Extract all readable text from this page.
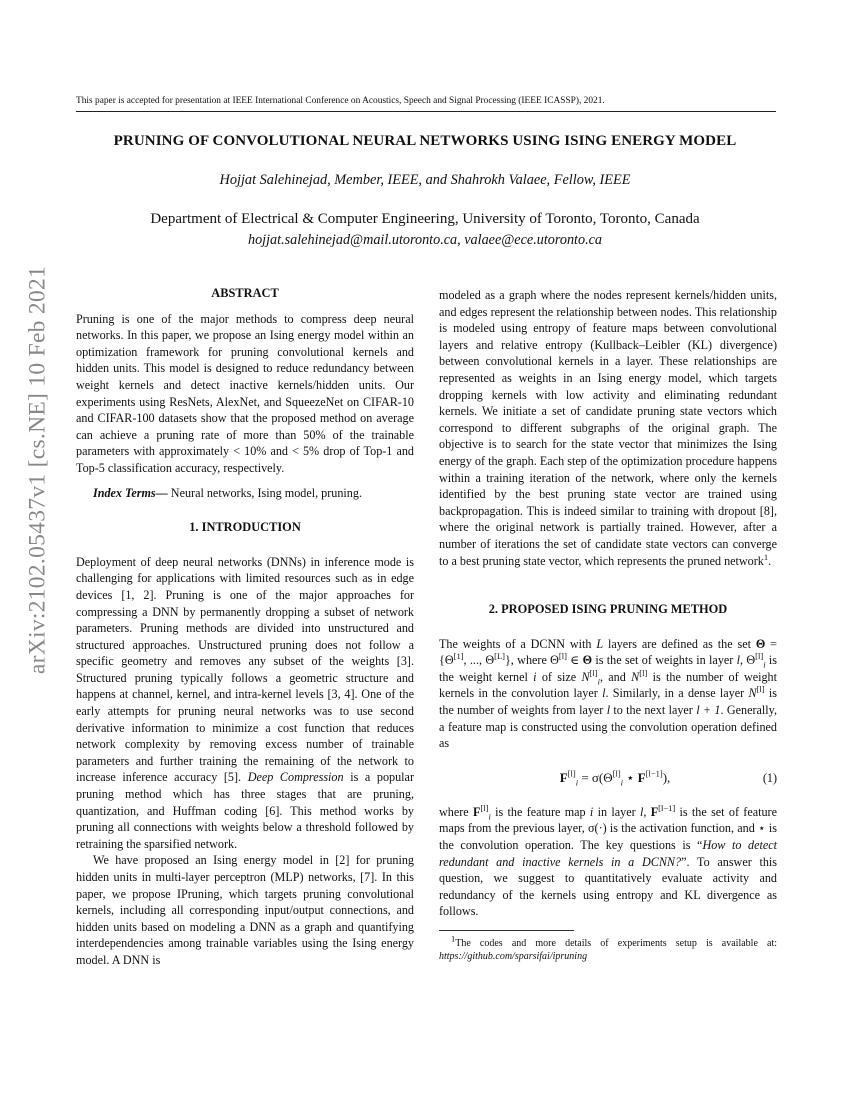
This paper is accepted for presentation at IEEE International Conference on Acoustics, Speech and Signal Processing (IEEE ICASSP), 2021.
PRUNING OF CONVOLUTIONAL NEURAL NETWORKS USING ISING ENERGY MODEL
Hojjat Salehinejad, Member, IEEE, and Shahrokh Valaee, Fellow, IEEE
Department of Electrical & Computer Engineering, University of Toronto, Toronto, Canada
hojjat.salehinejad@mail.utoronto.ca, valaee@ece.utoronto.ca
arXiv:2102.05437v1 [cs.NE] 10 Feb 2021	ABSTRACT

Pruning is one of the major methods to compress deep neural networks. In this paper, we propose an Ising energy model within an optimization framework for pruning convolutional kernels and hidden units. This model is designed to reduce redundancy between weight kernels and detect inactive kernels/hidden units. Our experiments using ResNets, AlexNet, and SqueezeNet on CIFAR-10 and CIFAR-100 datasets show that the proposed method on average can achieve a pruning rate of more than 50% of the trainable parameters with approximately < 10% and < 5% drop of Top-1 and Top-5 classification accuracy, respectively.

Index Terms— Neural networks, Ising model, pruning.

1. INTRODUCTION

Deployment of deep neural networks (DNNs) in inference mode is challenging for applications with limited resources such as in edge devices [1, 2]. Pruning is one of the major approaches for compressing a DNN by permanently dropping a subset of network parameters. Pruning methods are divided into unstructured and structured approaches. Unstructured pruning does not follow a specific geometry and removes any subset of the weights [3]. Structured pruning typically follows a geometric structure and happens at channel, kernel, and intra-kernel levels [3, 4]. One of the early attempts for pruning neural networks was to use second derivative information to minimize a cost function that reduces network complexity by removing excess number of trainable parameters and further training the remaining of the network to increase inference accuracy [5]. Deep Compression is a popular pruning method which has three stages that are pruning, quantization, and Huffman coding [6]. This method works by pruning all connections with weights below a threshold followed by retraining the sparsified network.

We have proposed an Ising energy model in [2] for pruning hidden units in multi-layer perceptron (MLP) networks, [7]. In this paper, we propose IPruning, which targets pruning convolutional kernels, including all corresponding input/output connections, and hidden units based on modeling a DNN as a graph and quantifying interdependencies among trainable variables using the Ising energy model. A DNN is

modeled as a graph where the nodes represent kernels/hidden units, and edges represent the relationship between nodes. This relationship is modeled using entropy of feature maps between convolutional layers and relative entropy (Kullback–Leibler (KL) divergence) between convolutional kernels in a layer. These relationships are represented as weights in an Ising energy model, which targets dropping kernels with low activity and eliminating redundant kernels. We initiate a set of candidate pruning state vectors which correspond to different subgraphs of the original graph. The objective is to search for the state vector that minimizes the Ising energy of the graph. Each step of the optimization procedure happens within a training iteration of the network, where only the kernels identified by the best pruning state vector are trained using backpropagation. This is indeed similar to training with dropout [8], where the original network is partially trained. However, after a number of iterations the set of candidate state vectors can converge to a best pruning state vector, which represents the pruned network$^1$.

2. PROPOSED ISING PRUNING METHOD

The weights of a DCNN with L layers are defined as the set Θ = {Θ[1], ..., Θ[L]}, where Θ[l] ∈ Θ is the set of weights in layer l, $\Theta[l]_i$ is the weight kernel i of size $N[l]_i$, and N[l] is the number of weight kernels in the convolution layer l. Similarly, in a dense layer N[l] is the number of weights from layer l to the next layer l + 1. Generally, a feature map is constructed using the convolution operation defined as

$F[l]_i = \sigma(\Theta[l]_i$ ⋆ F[l−1]),	(1)

where $F[l]_i$ is the feature map i in layer l, F[l−1] is the set of feature maps from the previous layer, σ(·) is the activation function, and ⋆ is the convolution operation. The key questions is “How to detect redundant and inactive kernels in a DCNN?”. To answer this question, we suggest to quantitatively evaluate activity and redundancy of the kernels using entropy and KL divergence as follows.

$^1$The codes and more details of experiments setup is available at: https://github.com/sparsifai/ipruning
